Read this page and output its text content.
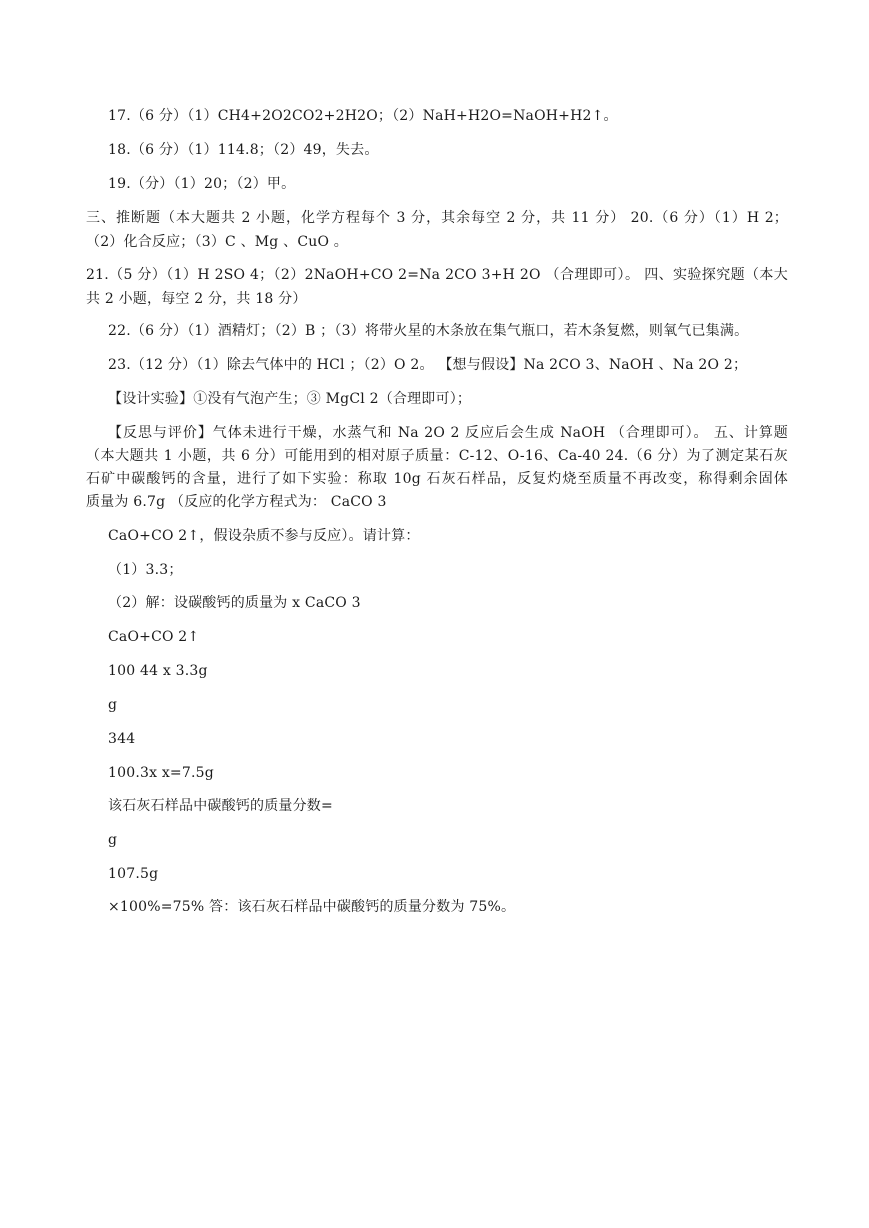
17.（6 分）（1）CH4+2O2CO2+2H2O；（2）NaH+H2O=NaOH+H2↑。
18.（6 分）（1）114.8；（2）49，失去。
19.（分）（1）20；（2）甲。
三、推断题（本大题共 2 小题，化学方程每个 3 分，其余每空 2 分，共 11 分） 20.（6 分）（1）H 2；
（2）化合反应；（3）C 、Mg 、CuO 。
21.（5 分）（1）H 2SO 4；（2）2NaOH+CO 2=Na 2CO 3+H 2O （合理即可）。 四、实验探究题（本大
共 2 小题，每空 2 分，共 18 分）
22.（6 分）（1）酒精灯；（2）B ；（3）将带火星的木条放在集气瓶口，若木条复燃，则氧气已集满。
23.（12 分）（1）除去气体中的 HCl ；（2）O 2。 【想与假设】Na 2CO 3、NaOH 、Na 2O 2；
【设计实验】①没有气泡产生；③ MgCl 2（合理即可）；
【反思与评价】气体未进行干燥，水蒸气和 Na 2O 2 反应后会生成 NaOH （合理即可）。 五、计算题
（本大题共 1 小题，共 6 分）可能用到的相对原子质量：C-12、O-16、Ca-40 24.（6 分）为了测定某石灰
石矿中碳酸钙的含量，进行了如下实验：称取 10g 石灰石样品，反复灼烧至质量不再改变，称得剩余固体
质量为 6.7g （反应的化学方程式为： CaCO 3
CaO+CO 2↑，假设杂质不参与反应）。请计算：
（1）3.3；
（2）解：设碳酸钙的质量为 x CaCO 3
CaO+CO 2↑
100 44 x 3.3g
g
344
100.3x x=7.5g
该石灰石样品中碳酸钙的质量分数=
g
107.5g
×100%=75% 答：该石灰石样品中碳酸钙的质量分数为 75%。
